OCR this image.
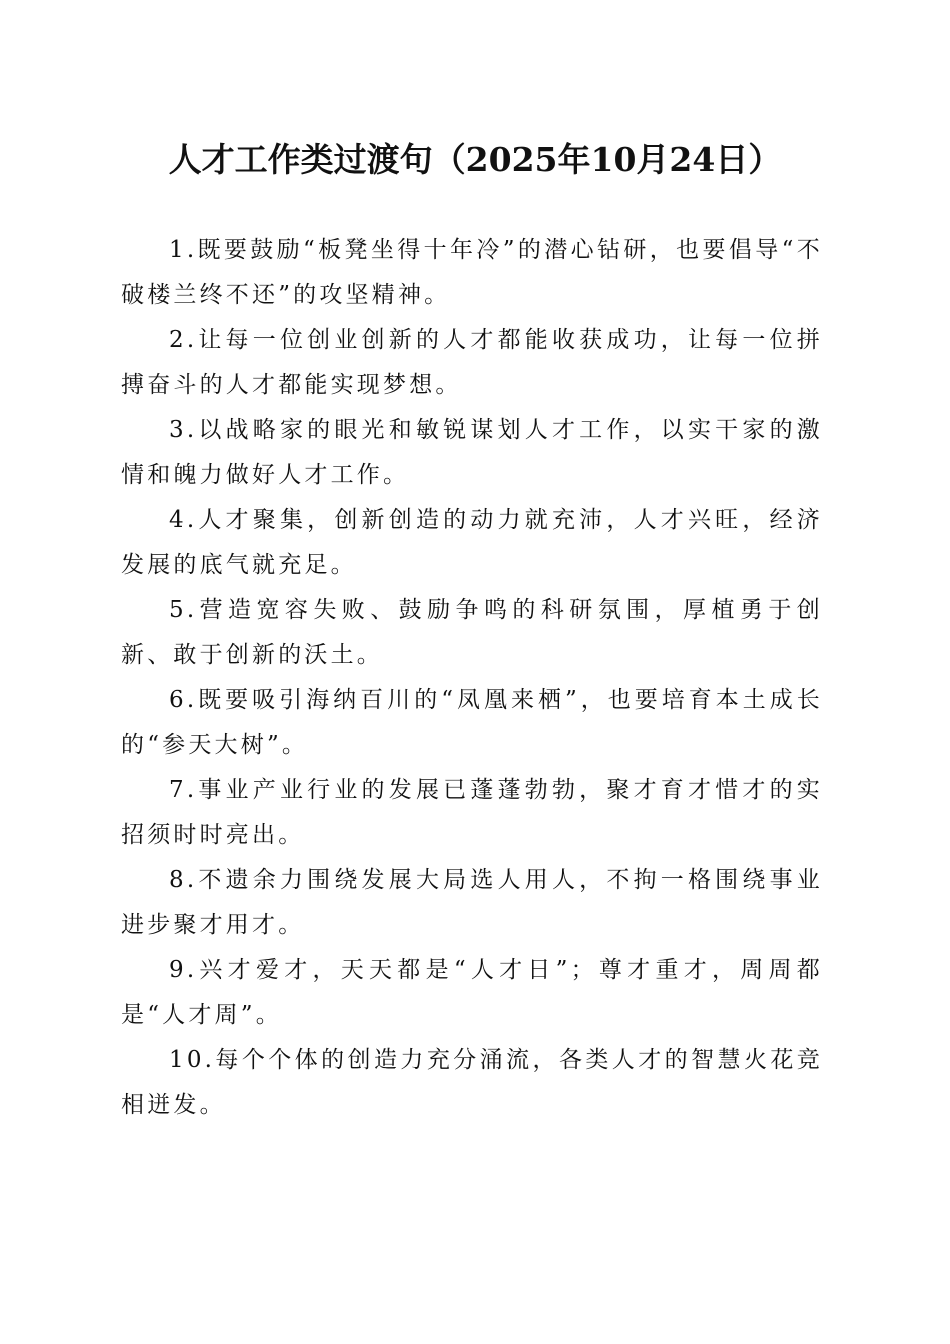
人才工作类过渡句（2025年10月24日）

1.既要鼓励“板凳坐得十年冷”的潜心钻研，也要倡导“不破楼兰终不还”的攻坚精神。

2.让每一位创业创新的人才都能收获成功，让每一位拼搏奋斗的人才都能实现梦想。

3.以战略家的眼光和敏锐谋划人才工作，以实干家的激情和魄力做好人才工作。

4.人才聚集，创新创造的动力就充沛，人才兴旺，经济发展的底气就充足。

5.营造宽容失败、鼓励争鸣的科研氛围，厚植勇于创新、敢于创新的沃土。

6.既要吸引海纳百川的“凤凰来栖”，也要培育本土成长的“参天大树”。

7.事业产业行业的发展已蓬蓬勃勃，聚才育才惜才的实招须时时亮出。

8.不遗余力围绕发展大局选人用人，不拘一格围绕事业进步聚才用才。

9.兴才爱才，天天都是“人才日”；尊才重才，周周都是“人才周”。

10.每个个体的创造力充分涌流，各类人才的智慧火花竞相迸发。
